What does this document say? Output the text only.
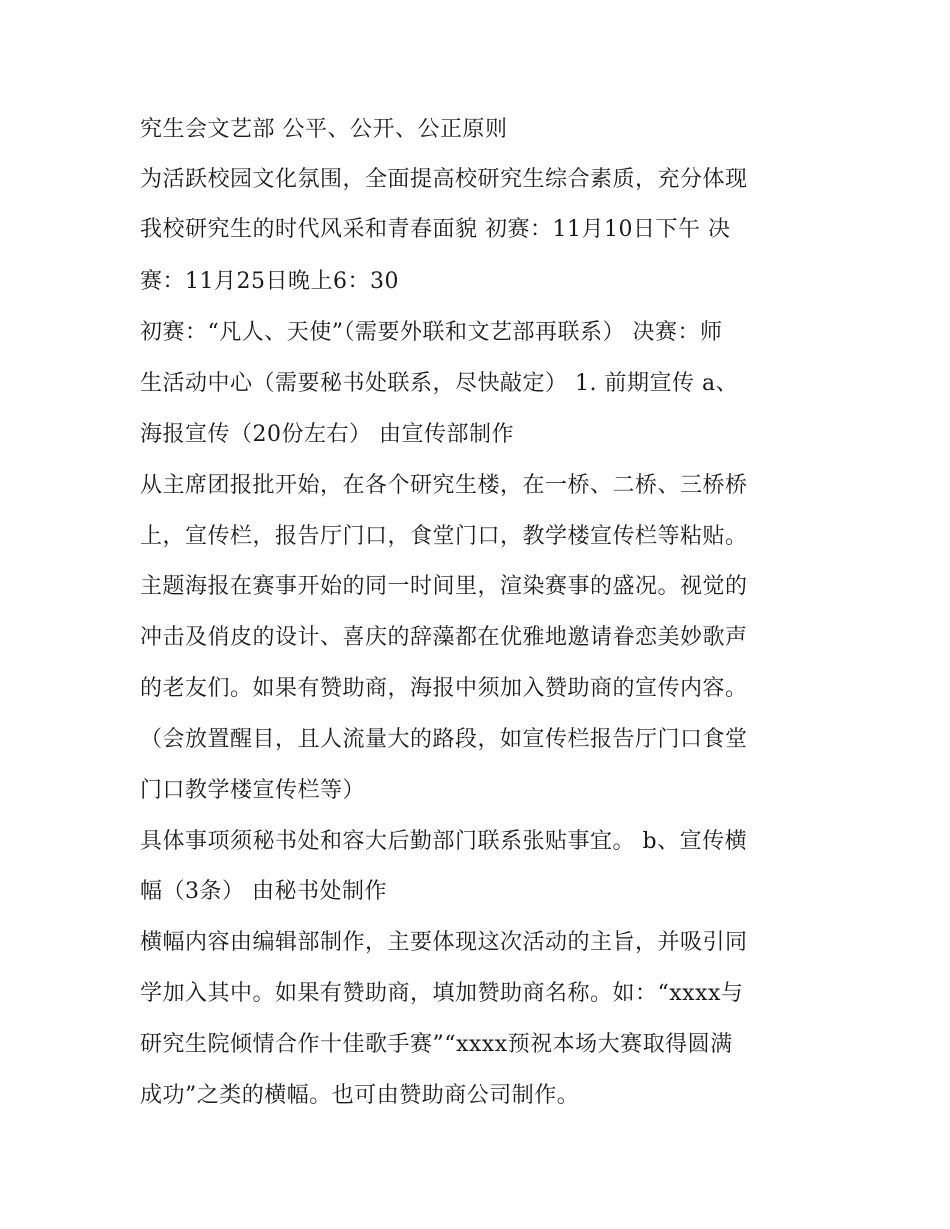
究生会文艺部 公平、公开、公正原则
为活跃校园文化氛围，全面提高校研究生综合素质，充分体现
我校研究生的时代风采和青春面貌 初赛：11月10日下午 决
赛：11月25日晚上6：30
初赛：“凡人、天使”（需要外联和文艺部再联系） 决赛：师
生活动中心（需要秘书处联系，尽快敲定） 1. 前期宣传 a、
海报宣传（20份左右） 由宣传部制作
从主席团报批开始，在各个研究生楼，在一桥、二桥、三桥桥
上，宣传栏，报告厅门口，食堂门口，教学楼宣传栏等粘贴。
主题海报在赛事开始的同一时间里，渲染赛事的盛况。视觉的
冲击及俏皮的设计、喜庆的辞藻都在优雅地邀请眷恋美妙歌声
的老友们。如果有赞助商，海报中须加入赞助商的宣传内容。
（会放置醒目，且人流量大的路段，如宣传栏报告厅门口食堂
门口教学楼宣传栏等）
具体事项须秘书处和容大后勤部门联系张贴事宜。 b、宣传横
幅（3条） 由秘书处制作
横幅内容由编辑部制作，主要体现这次活动的主旨，并吸引同
学加入其中。如果有赞助商，填加赞助商名称。如：“xxxx与
研究生院倾情合作十佳歌手赛”“xxxx预祝本场大赛取得圆满
成功”之类的横幅。也可由赞助商公司制作。
